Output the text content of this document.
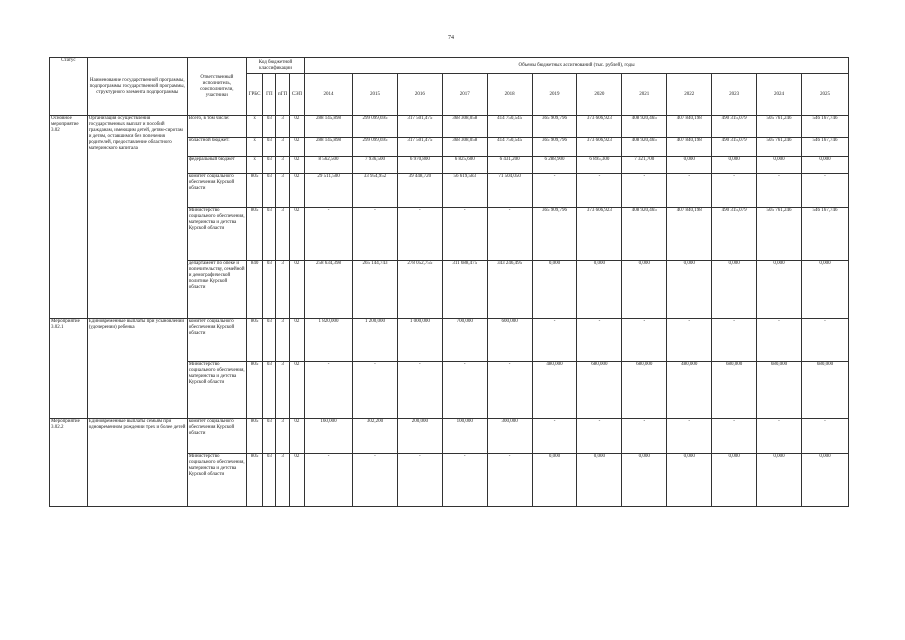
74
Статус	Наименование государственной программы, подпрограммы государственной программы, структурного элемента подпрограммы	Ответственный исполнитель, соисполнители, участники	Код бюджетной классификации				Объемы бюджетных ассигнований (тыс. рублей), годы											
			ГРБС	ГП	пГП	СЭП	2014	2015	2016	2017	2018	2019	2020	2021	2022	2023	2024	2025
Основное мероприятие 3.02	Организация осуществления государственных выплат и пособий гражданам, имеющим детей, детям-сиротам и детям, оставшимся без попечения родителей, предоставление областного материнского капитала	Всего, в том числе:	х	03	3	02	288 145,898	299 099,695	317 501,475	368 308,058	414 750,545	365 909,796	373 606,923	408 920,465	407 840,198	490 315,079	505 761,246	546 167,746
		областной бюджет:	х	03	3	02	288 145,898	299 099,695	317 501,475	368 308,058	414 750,545	365 909,796	373 606,923	408 920,465	407 840,198	490 315,079	505 761,246	546 167,746
		федеральный бюджет	х	03	3	02	8 562,500	7 936,500	6 970,800	6 825,600	6 431,200	6 288,900	6 895,300	7 321,700	0,000	0,000	0,000	0,000
		комитет социального обеспечения Курской области	805	03	3	02	29 511,500	33 954,952	39 448,720	56 619,583	71 504,050	-	-	-	-	-	-	-
		Министерство социального обеспечения, материнства и детства Курской области	805	03	3	02	-	-	-	-	-	365 909,796	373 606,923	408 920,465	407 840,198	490 315,079	505 761,246	546 167,746
		департамент по опеке и попечительству, семейной и демографической политике Курской области	840	03	3	02	258 634,398	265 144,743	278 052,755	311 688,475	343 246,495	0,000	0,000	0,000	0,000	0,000	0,000	0,000
Мероприятие 3.02.1	Единовременные выплаты при усыновлении (удочерении) ребенка	комитет социального обеспечения Курской области	805	03	3	02	1 820,000	1 200,000	1 000,000	700,000	600,000	-	-	-	-	-	-	-
		Министерство социального обеспечения, материнства и детства Курской области	805	03	3	02	-	-	-	-	-	480,000	680,000	680,000	480,000	680,000	680,000	680,000
Мероприятие 3.02.2	Единовременные выплаты семьям при одновременном рождении трех и более детей	комитет социального обеспечения Курской области	805	03	3	02	160,000	302,200	200,000	100,000	300,000	-	-	-	-	-	-	-
		Министерство социального обеспечения, материнства и детства Курской области	805	03	3	02	-	-	-	-	-	0,000	0,000	0,000	0,000	0,000	0,000	0,000
